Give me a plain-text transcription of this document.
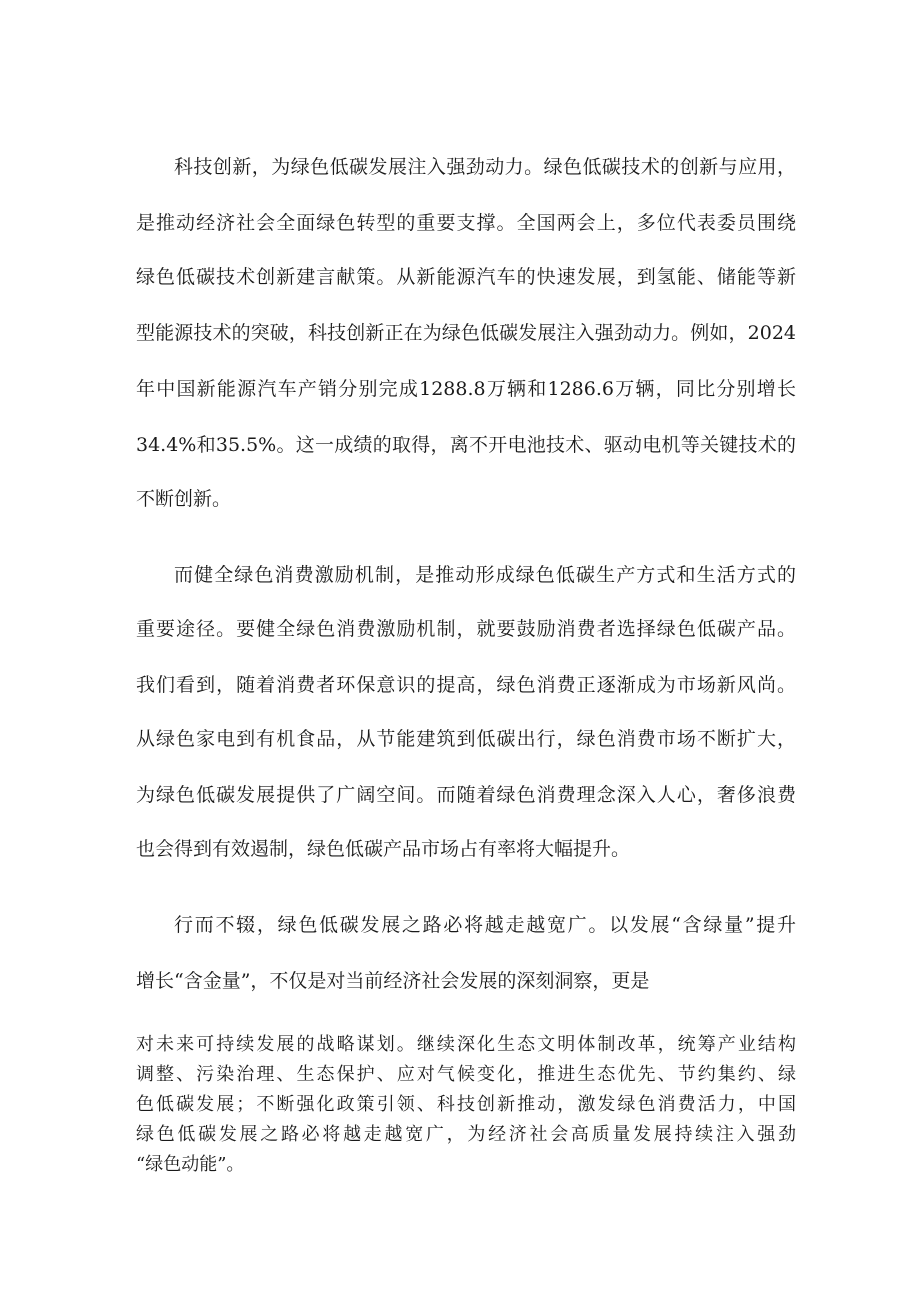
科技创新，为绿色低碳发展注入强劲动力。绿色低碳技术的创新与应用，
是推动经济社会全面绿色转型的重要支撑。全国两会上，多位代表委员围绕
绿色低碳技术创新建言献策。从新能源汽车的快速发展，到氢能、储能等新
型能源技术的突破，科技创新正在为绿色低碳发展注入强劲动力。例如，2024
年中国新能源汽车产销分别完成1288.8万辆和1286.6万辆，同比分别增长
34.4%和35.5%。这一成绩的取得，离不开电池技术、驱动电机等关键技术的
不断创新。
而健全绿色消费激励机制，是推动形成绿色低碳生产方式和生活方式的
重要途径。要健全绿色消费激励机制，就要鼓励消费者选择绿色低碳产品。
我们看到，随着消费者环保意识的提高，绿色消费正逐渐成为市场新风尚。
从绿色家电到有机食品，从节能建筑到低碳出行，绿色消费市场不断扩大，
为绿色低碳发展提供了广阔空间。而随着绿色消费理念深入人心，奢侈浪费
也会得到有效遏制，绿色低碳产品市场占有率将大幅提升。
行而不辍，绿色低碳发展之路必将越走越宽广。以发展“含绿量”提升
增长“含金量”，不仅是对当前经济社会发展的深刻洞察，更是
对未来可持续发展的战略谋划。继续深化生态文明体制改革，统筹产业结构
调整、污染治理、生态保护、应对气候变化，推进生态优先、节约集约、绿
色低碳发展；不断强化政策引领、科技创新推动，激发绿色消费活力，中国
绿色低碳发展之路必将越走越宽广，为经济社会高质量发展持续注入强劲
“绿色动能”。
